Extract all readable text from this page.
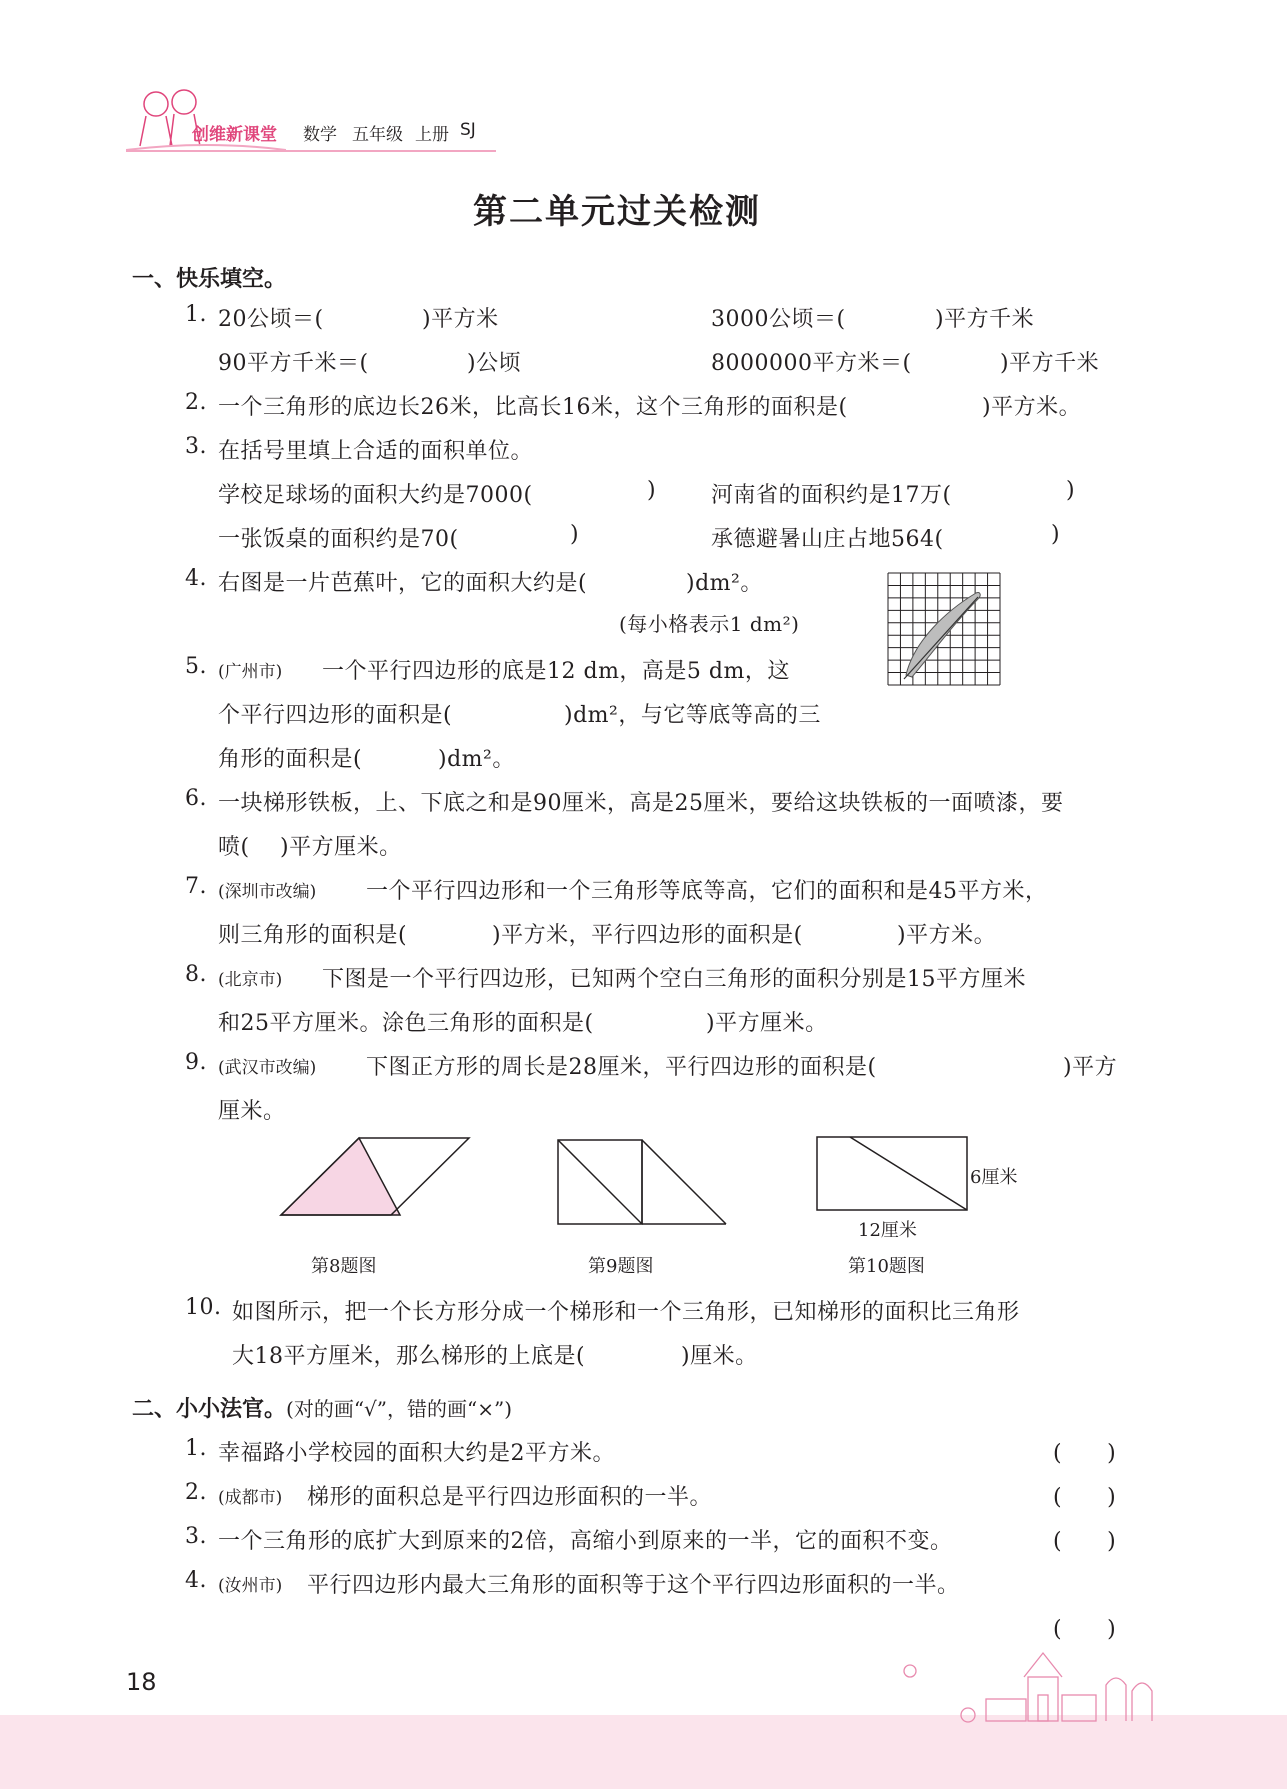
创维新课堂 数学 五年级 上册 SJ
第二单元过关检测
一、快乐填空。
1. 20公顷＝(	)平方米	3000公顷＝(	)平方千米
90平方千米＝(	)公顷	8000000平方米＝(	)平方千米
2. 一个三角形的底边长26米，比高长16米，这个三角形的面积是(	)平方米。
3. 在括号里填上合适的面积单位。
学校足球场的面积大约是7000(	) 河南省的面积约是17万(	)
一张饭桌的面积约是70(	)	承德避暑山庄占地564(	)
4. 右图是一片芭蕉叶，它的面积大约是(	)dm²。
(每小格表示1 dm²)
5. (广州市) 一个平行四边形的底是12 dm，高是5 dm，这
个平行四边形的面积是(	)dm²，与它等底等高的三
角形的面积是(	)dm²。
6. 一块梯形铁板，上、下底之和是90厘米，高是25厘米，要给这块铁板的一面喷漆，要
喷( )平方厘米。
7. (深圳市改编) 一个平行四边形和一个三角形等底等高，它们的面积和是45平方米，
则三角形的面积是(	)平方米，平行四边形的面积是(	)平方米。
8. (北京市) 下图是一个平行四边形，已知两个空白三角形的面积分别是15平方厘米
和25平方厘米。涂色三角形的面积是(	)平方厘米。
9. (武汉市改编) 下图正方形的周长是28厘米，平行四边形的面积是(	)平方
厘米。
6厘米
12厘米
第8题图	第9题图	第10题图
10. 如图所示，把一个长方形分成一个梯形和一个三角形，已知梯形的面积比三角形
大18平方厘米，那么梯形的上底是(	)厘米。
二、小小法官。(对的画“√”，错的画“×”)
1. 幸福路小学校园的面积大约是2平方米。	(　　)
2. (成都市) 梯形的面积总是平行四边形面积的一半。	(　　)
3. 一个三角形的底扩大到原来的2倍，高缩小到原来的一半，它的面积不变。	(　　)
4. (汝州市) 平行四边形内最大三角形的面积等于这个平行四边形面积的一半。
(　　)
18
